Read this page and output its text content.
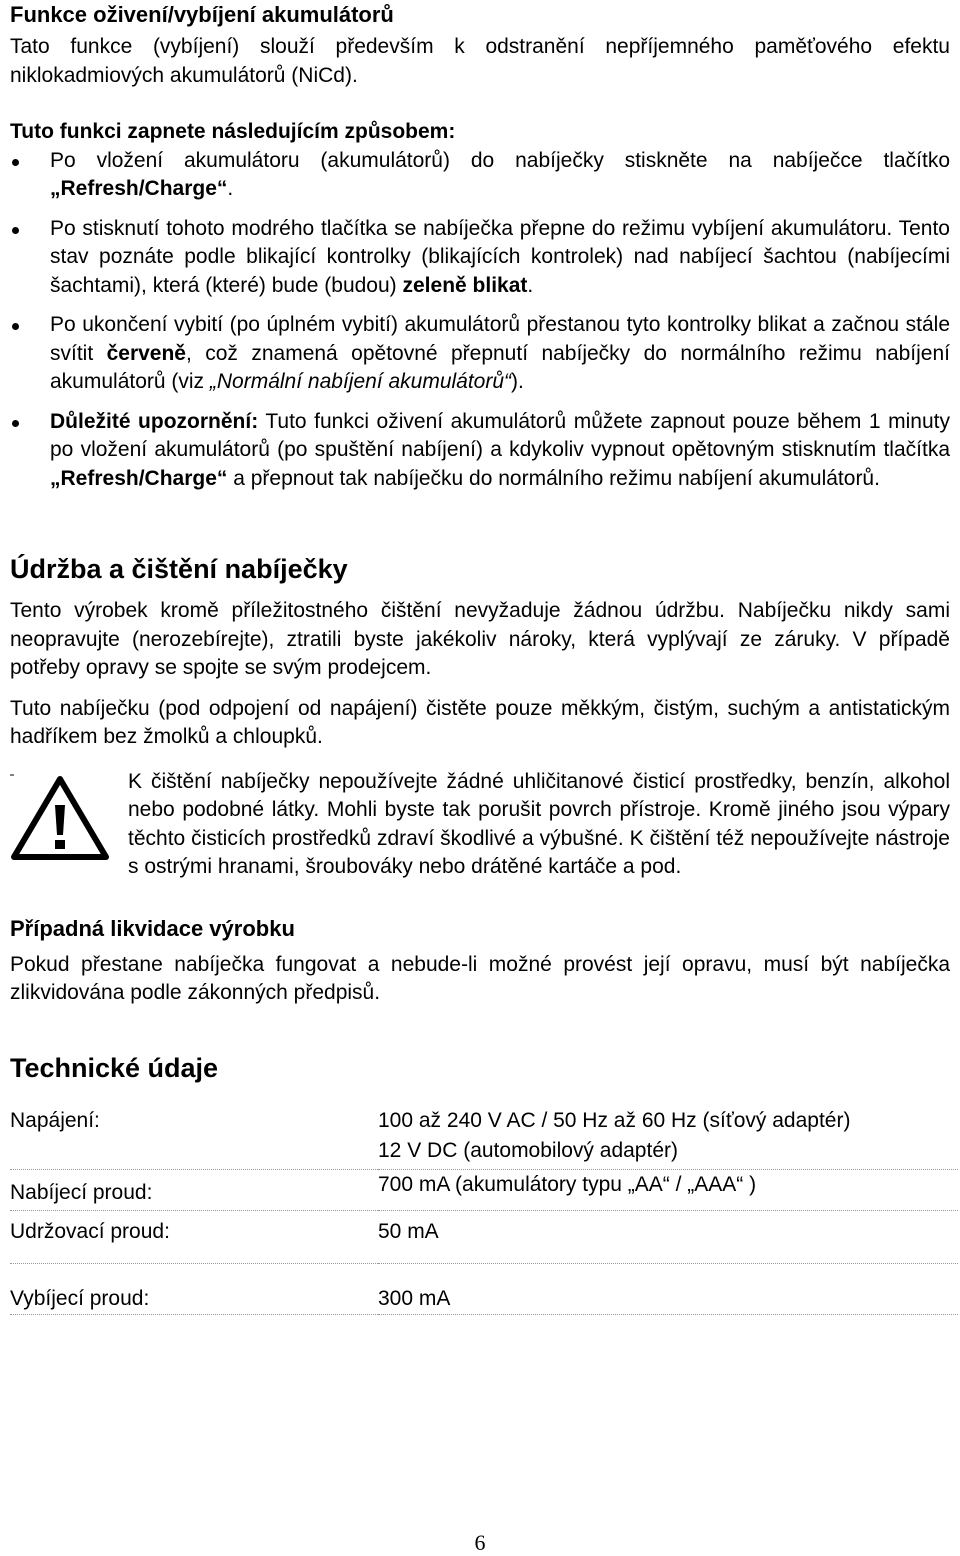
Funkce oživení/vybíjení akumulátorů

Tato funkce (vybíjení) slouží především k odstranění nepříjemného paměťového efektu niklokadmiových akumulátorů (NiCd).

Tuto funkci zapnete následujícím způsobem:

Po vložení akumulátoru (akumulátorů) do nabíječky stiskněte na nabíječce tlačítko „Refresh/Charge“.
Po stisknutí tohoto modrého tlačítka se nabíječka přepne do režimu vybíjení akumulátoru. Tento stav poznáte podle blikající kontrolky (blikajících kontrolek) nad nabíjecí šachtou (nabíjecími šachtami), která (které) bude (budou) zeleně blikat.
Po ukončení vybití (po úplném vybití) akumulátorů přestanou tyto kontrolky blikat a začnou stále svítit červeně, což znamená opětovné přepnutí nabíječky do normálního režimu nabíjení akumulátorů (viz „Normální nabíjení akumulátorů“).
Důležité upozornění: Tuto funkci oživení akumulátorů můžete zapnout pouze během 1 minuty po vložení akumulátorů (po spuštění nabíjení) a kdykoliv vypnout opětovným stisknutím tlačítka „Refresh/Charge“ a přepnout tak nabíječku do normálního režimu nabíjení akumulátorů.
Údržba a čištění nabíječky

Tento výrobek kromě příležitostného čištění nevyžaduje žádnou údržbu. Nabíječku nikdy sami neopravujte (nerozebírejte), ztratili byste jakékoliv nároky, která vyplývají ze záruky. V případě potřeby opravy se spojte se svým prodejcem.

Tuto nabíječku (pod odpojení od napájení) čistěte pouze měkkým, čistým, suchým a antistatickým hadříkem bez žmolků a chloupků.

K čištění nabíječky nepoužívejte žádné uhličitanové čisticí prostředky, benzín, alkohol nebo podobné látky. Mohli byste tak porušit povrch přístroje. Kromě jiného jsou výpary těchto čisticích prostředků zdraví škodlivé a výbušné. K čištění též nepoužívejte nástroje s ostrými hranami, šroubováky nebo drátěné kartáče a pod.

Případná likvidace výrobku

Pokud přestane nabíječka fungovat a nebude-li možné provést její opravu, musí být nabíječka zlikvidována podle zákonných předpisů.

Technické údaje
Napájení:	100 až 240 V AC / 50 Hz až 60 Hz (síťový adaptér)
12 V DC (automobilový adaptér)

Nabíjecí proud:	700 mA (akumulátory typu „AA“ / „AAA“ )
Udržovací proud:	50 mA
Vybíjecí proud:	300 mA
6
